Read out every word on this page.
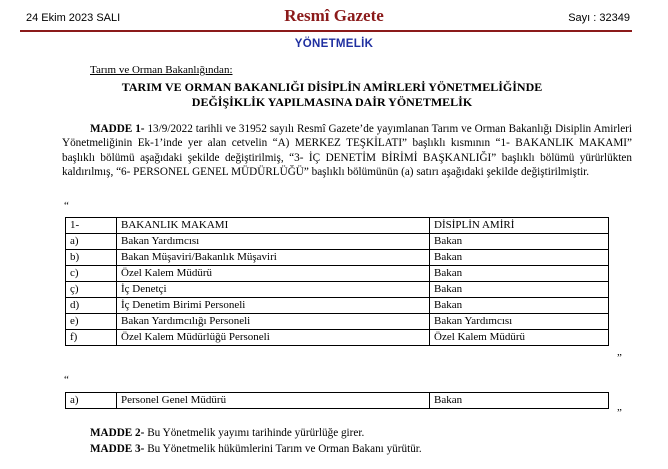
24 Ekim 2023 SALI	Resmî Gazete	Sayı : 32349
YÖNETMELİK
Tarım ve Orman Bakanlığından:
TARIM VE ORMAN BAKANLIĞI DİSİPLİN AMİRLERİ YÖNETMELİĞİNDE
DEĞİŞİKLİK YAPILMASINA DAİR YÖNETMELİK
MADDE 1- 13/9/2022 tarihli ve 31952 sayılı Resmî Gazete’de yayımlanan Tarım ve Orman Bakanlığı Disiplin Amirleri Yönetmeliğinin Ek-1’inde yer alan cetvelin “A) MERKEZ TEŞKİLATI” başlıklı kısmının “1- BAKANLIK MAKAMI” başlıklı bölümü aşağıdaki şekilde değiştirilmiş, “3- İÇ DENETİM BİRİMİ BAŞKANLIĞI” başlıklı bölümü yürürlükten kaldırılmış, “6- PERSONEL GENEL MÜDÜRLÜĞÜ” başlıklı bölümünün (a) satırı aşağıdaki şekilde değiştirilmiştir.
“
1-	BAKANLIK MAKAMI	DİSİPLİN AMİRİ
a)	Bakan Yardımcısı	Bakan
b)	Bakan Müşaviri/Bakanlık Müşaviri	Bakan
c)	Özel Kalem Müdürü	Bakan
ç)	İç Denetçi	Bakan
d)	İç Denetim Birimi Personeli	Bakan
e)	Bakan Yardımcılığı Personeli	Bakan Yardımcısı
f)	Özel Kalem Müdürlüğü Personeli	Özel Kalem Müdürü
”
“
a)	Personel Genel Müdürü	Bakan
”
MADDE 2- Bu Yönetmelik yayımı tarihinde yürürlüğe girer.
MADDE 3- Bu Yönetmelik hükümlerini Tarım ve Orman Bakanı yürütür.
